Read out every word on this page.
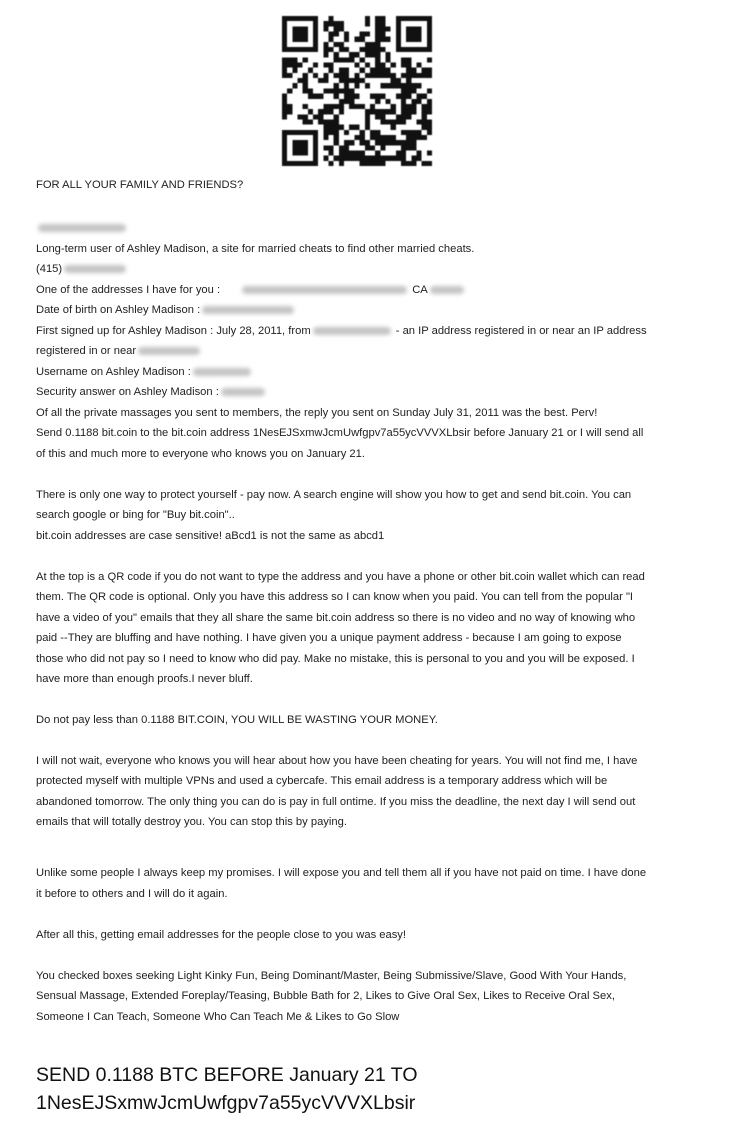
FOR ALL YOUR FAMILY AND FRIENDS?
Long-term user of Ashley Madison, a site for married cheats to find other married cheats.
(415)
One of the addresses I have for you :	CA
Date of birth on Ashley Madison :
First signed up for Ashley Madison : July 28, 2011, from	- an IP address registered in or near an IP address
registered in or near
Username on Ashley Madison :
Security answer on Ashley Madison :
Of all the private massages you sent to members, the reply you sent on Sunday July 31, 2011 was the best. Perv!
Send 0.1188 bit.coin to the bit.coin address 1NesEJSxmwJcmUwfgpv7a55ycVVVXLbsir before January 21 or I will send all
of this and much more to everyone who knows you on January 21.
There is only one way to protect yourself - pay now. A search engine will show you how to get and send bit.coin. You can
search google or bing for "Buy bit.coin"..
bit.coin addresses are case sensitive! aBcd1 is not the same as abcd1
At the top is a QR code if you do not want to type the address and you have a phone or other bit.coin wallet which can read
them. The QR code is optional. Only you have this address so I can know when you paid. You can tell from the popular "I
have a video of you" emails that they all share the same bit.coin address so there is no video and no way of knowing who
paid --They are bluffing and have nothing. I have given you a unique payment address - because I am going to expose
those who did not pay so I need to know who did pay. Make no mistake, this is personal to you and you will be exposed. I
have more than enough proofs.I never bluff.
Do not pay less than 0.1188 BIT.COIN, YOU WILL BE WASTING YOUR MONEY.
I will not wait, everyone who knows you will hear about how you have been cheating for years. You will not find me, I have
protected myself with multiple VPNs and used a cybercafe. This email address is a temporary address which will be
abandoned tomorrow. The only thing you can do is pay in full ontime. If you miss the deadline, the next day I will send out
emails that will totally destroy you. You can stop this by paying.
Unlike some people I always keep my promises. I will expose you and tell them all if you have not paid on time. I have done
it before to others and I will do it again.
After all this, getting email addresses for the people close to you was easy!
You checked boxes seeking Light Kinky Fun, Being Dominant/Master, Being Submissive/Slave, Good With Your Hands,
Sensual Massage, Extended Foreplay/Teasing, Bubble Bath for 2, Likes to Give Oral Sex, Likes to Receive Oral Sex,
Someone I Can Teach, Someone Who Can Teach Me & Likes to Go Slow
SEND 0.1188 BTC BEFORE January 21 TO
1NesEJSxmwJcmUwfgpv7a55ycVVVXLbsir
